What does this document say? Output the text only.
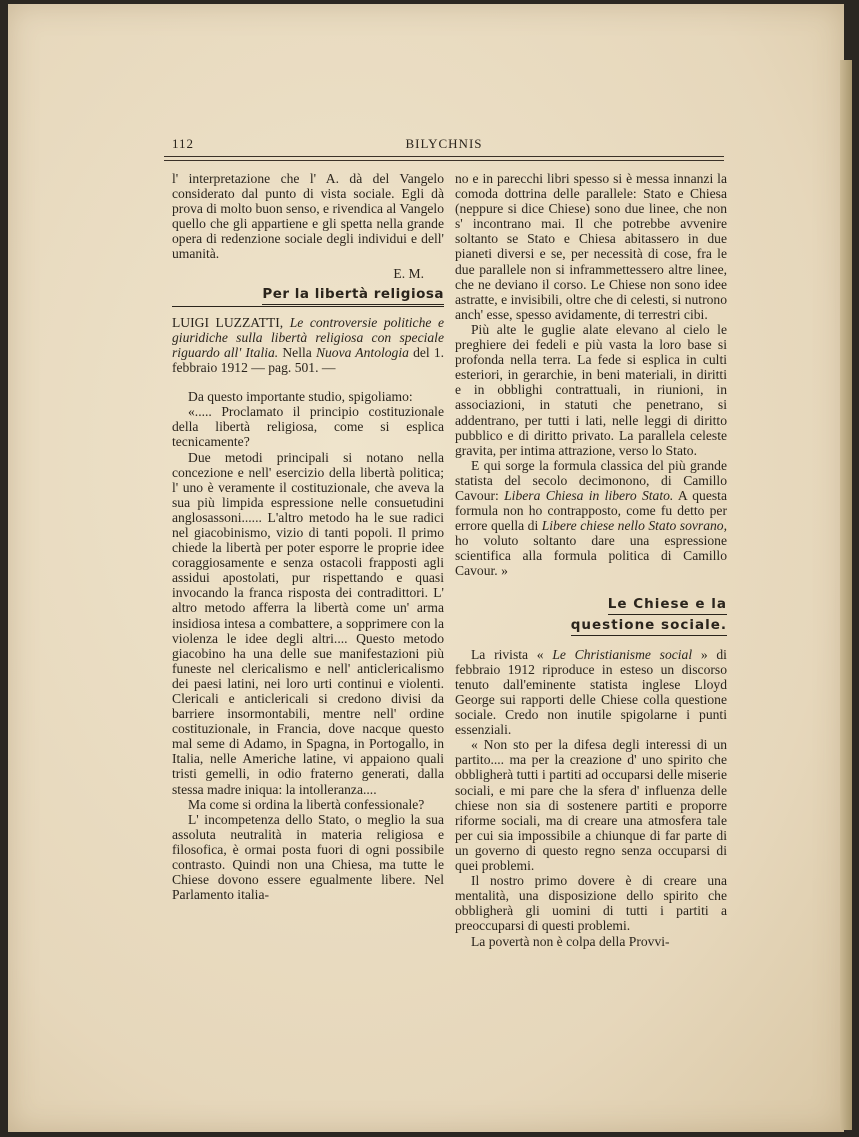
112	BILYCHNIS

l' interpretazione che l' A. dà del Vangelo considerato dal punto di vista sociale. Egli dà prova di molto buon senso, e rivendica al Vangelo quello che gli appartiene e gli spetta nella grande opera di redenzione sociale degli individui e dell' umanità.

E. M.
Per la libertà religiosa

LUIGI LUZZATTI, Le controversie politiche e giuridiche sulla libertà religiosa con speciale riguardo all' Italia. Nella Nuova Antologia del 1. febbraio 1912 — pag. 501. —

Da questo importante studio, spigoliamo:

«..... Proclamato il principio costituzionale della libertà religiosa, come si esplica tecnicamente?

Due metodi principali si notano nella concezione e nell' esercizio della libertà politica; l' uno è veramente il costituzionale, che aveva la sua più limpida espressione nelle consuetudini anglosassoni...... L'altro metodo ha le sue radici nel giacobinismo, vizio di tanti popoli. Il primo chiede la libertà per poter esporre le proprie idee coraggiosamente e senza ostacoli frapposti agli assidui apostolati, pur rispettando e quasi invocando la franca risposta dei contradittori. L' altro metodo afferra la libertà come un' arma insidiosa intesa a combattere, a sopprimere con la violenza le idee degli altri.... Questo metodo giacobino ha una delle sue manifestazioni più funeste nel clericalismo e nell' anticlericalismo dei paesi latini, nei loro urti continui e violenti. Clericali e anticlericali si credono divisi da barriere insormontabili, mentre nell' ordine costituzionale, in Francia, dove nacque questo mal seme di Adamo, in Spagna, in Portogallo, in Italia, nelle Americhe latine, vi appaiono quali tristi gemelli, in odio fraterno generati, dalla stessa madre iniqua: la intolleranza....

Ma come si ordina la libertà confessionale?

L' incompetenza dello Stato, o meglio la sua assoluta neutralità in materia religiosa e filosofica, è ormai posta fuori di ogni possibile contrasto. Quindi non una Chiesa, ma tutte le Chiese dovono essere egualmente libere. Nel Parlamento italia-

no e in parecchi libri spesso si è messa innanzi la comoda dottrina delle parallele: Stato e Chiesa (neppure si dice Chiese) sono due linee, che non s' incontrano mai. Il che potrebbe avvenire soltanto se Stato e Chiesa abitassero in due pianeti diversi e se, per necessità di cose, fra le due parallele non si inframmettessero altre linee, che ne deviano il corso. Le Chiese non sono idee astratte, e invisibili, oltre che di celesti, si nutrono anch' esse, spesso avidamente, di terrestri cibi.

Più alte le guglie alate elevano al cielo le preghiere dei fedeli e più vasta la loro base si profonda nella terra. La fede si esplica in culti esteriori, in gerarchie, in beni materiali, in diritti e in obblighi contrattuali, in riunioni, in associazioni, in statuti che penetrano, si addentrano, per tutti i lati, nelle leggi di diritto pubblico e di diritto privato. La parallela celeste gravita, per intima attrazione, verso lo Stato.

E qui sorge la formula classica del più grande statista del secolo decimonono, di Camillo Cavour: Libera Chiesa in libero Stato. A questa formula non ho contrapposto, come fu detto per errore quella di Libere chiese nello Stato sovrano, ho voluto soltanto dare una espressione scientifica alla formula politica di Camillo Cavour. »

Le Chiese e la
questione sociale.

La rivista « Le Christianisme social » di febbraio 1912 riproduce in esteso un discorso tenuto dall'eminente statista inglese Lloyd George sui rapporti delle Chiese colla questione sociale. Credo non inutile spigolarne i punti essenziali.

« Non sto per la difesa degli interessi di un partito.... ma per la creazione d' uno spirito che obbligherà tutti i partiti ad occuparsi delle miserie sociali, e mi pare che la sfera d' influenza delle chiese non sia di sostenere partiti e proporre riforme sociali, ma di creare una atmosfera tale per cui sia impossibile a chiunque di far parte di un governo di questo regno senza occuparsi di quei problemi.

Il nostro primo dovere è di creare una mentalità, una disposizione dello spirito che obbligherà gli uomini di tutti i partiti a preoccuparsi di questi problemi.

La povertà non è colpa della Provvi-
